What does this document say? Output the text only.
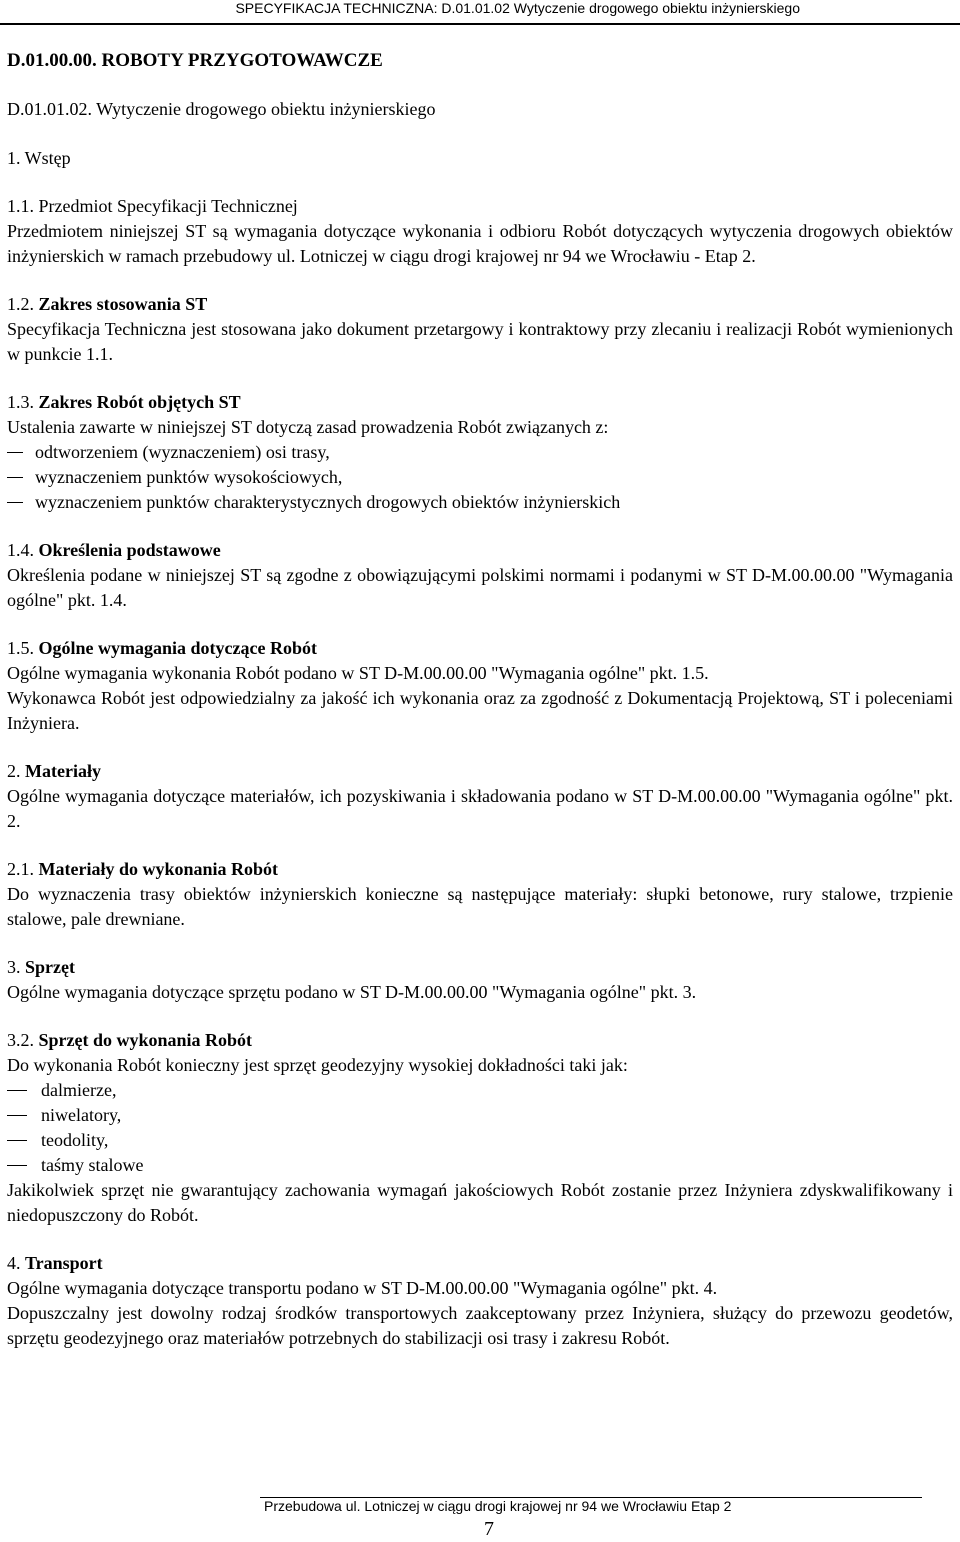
SPECYFIKACJA TECHNICZNA: D.01.01.02 Wytyczenie drogowego obiektu inżynierskiego
D.01.00.00. ROBOTY PRZYGOTOWAWCZE
D.01.01.02. Wytyczenie drogowego obiektu inżynierskiego
1. Wstęp
1.1. Przedmiot Specyfikacji Technicznej

Przedmiotem niniejszej ST są wymagania dotyczące wykonania i odbioru Robót dotyczących wytyczenia drogowych obiektów inżynierskich w ramach przebudowy ul. Lotniczej w ciągu drogi krajowej nr 94 we Wrocławiu - Etap 2.

1.2. Zakres stosowania ST

Specyfikacja Techniczna jest stosowana jako dokument przetargowy i kontraktowy przy zlecaniu i realizacji Robót wymienionych w punkcie 1.1.

1.3. Zakres Robót objętych ST

Ustalenia zawarte w niniejszej ST dotyczą zasad prowadzenia Robót związanych z:

odtworzeniem (wyznaczeniem) osi trasy,
wyznaczeniem punktów wysokościowych,
wyznaczeniem punktów charakterystycznych drogowych obiektów inżynierskich
1.4. Określenia podstawowe

Określenia podane w niniejszej ST są zgodne z obowiązującymi polskimi normami i podanymi w ST D-M.00.00.00 "Wymagania ogólne" pkt. 1.4.

1.5. Ogólne wymagania dotyczące Robót

Ogólne wymagania wykonania Robót podano w ST D-M.00.00.00 "Wymagania ogólne" pkt. 1.5.

Wykonawca Robót jest odpowiedzialny za jakość ich wykonania oraz za zgodność z Dokumentacją Projektową, ST i poleceniami Inżyniera.

2. Materiały

Ogólne wymagania dotyczące materiałów, ich pozyskiwania i składowania podano w ST D-M.00.00.00 "Wymagania ogólne" pkt. 2.

2.1. Materiały do wykonania Robót

Do wyznaczenia trasy obiektów inżynierskich konieczne są następujące materiały: słupki betonowe, rury stalowe, trzpienie stalowe, pale drewniane.

3. Sprzęt

Ogólne wymagania dotyczące sprzętu podano w ST D-M.00.00.00 "Wymagania ogólne" pkt. 3.

3.2. Sprzęt do wykonania Robót

Do wykonania Robót konieczny jest sprzęt geodezyjny wysokiej dokładności taki jak:

dalmierze,
niwelatory,
teodolity,
taśmy stalowe

Jakikolwiek sprzęt nie gwarantujący zachowania wymagań jakościowych Robót zostanie przez Inżyniera zdyskwalifikowany i niedopuszczony do Robót.

4. Transport

Ogólne wymagania dotyczące transportu podano w ST D-M.00.00.00 "Wymagania ogólne" pkt. 4.

Dopuszczalny jest dowolny rodzaj środków transportowych zaakceptowany przez Inżyniera, służący do przewozu geodetów, sprzętu geodezyjnego oraz materiałów potrzebnych do stabilizacji osi trasy i zakresu Robót.

Przebudowa ul. Lotniczej w ciągu drogi krajowej nr 94 we Wrocławiu Etap 2
7
